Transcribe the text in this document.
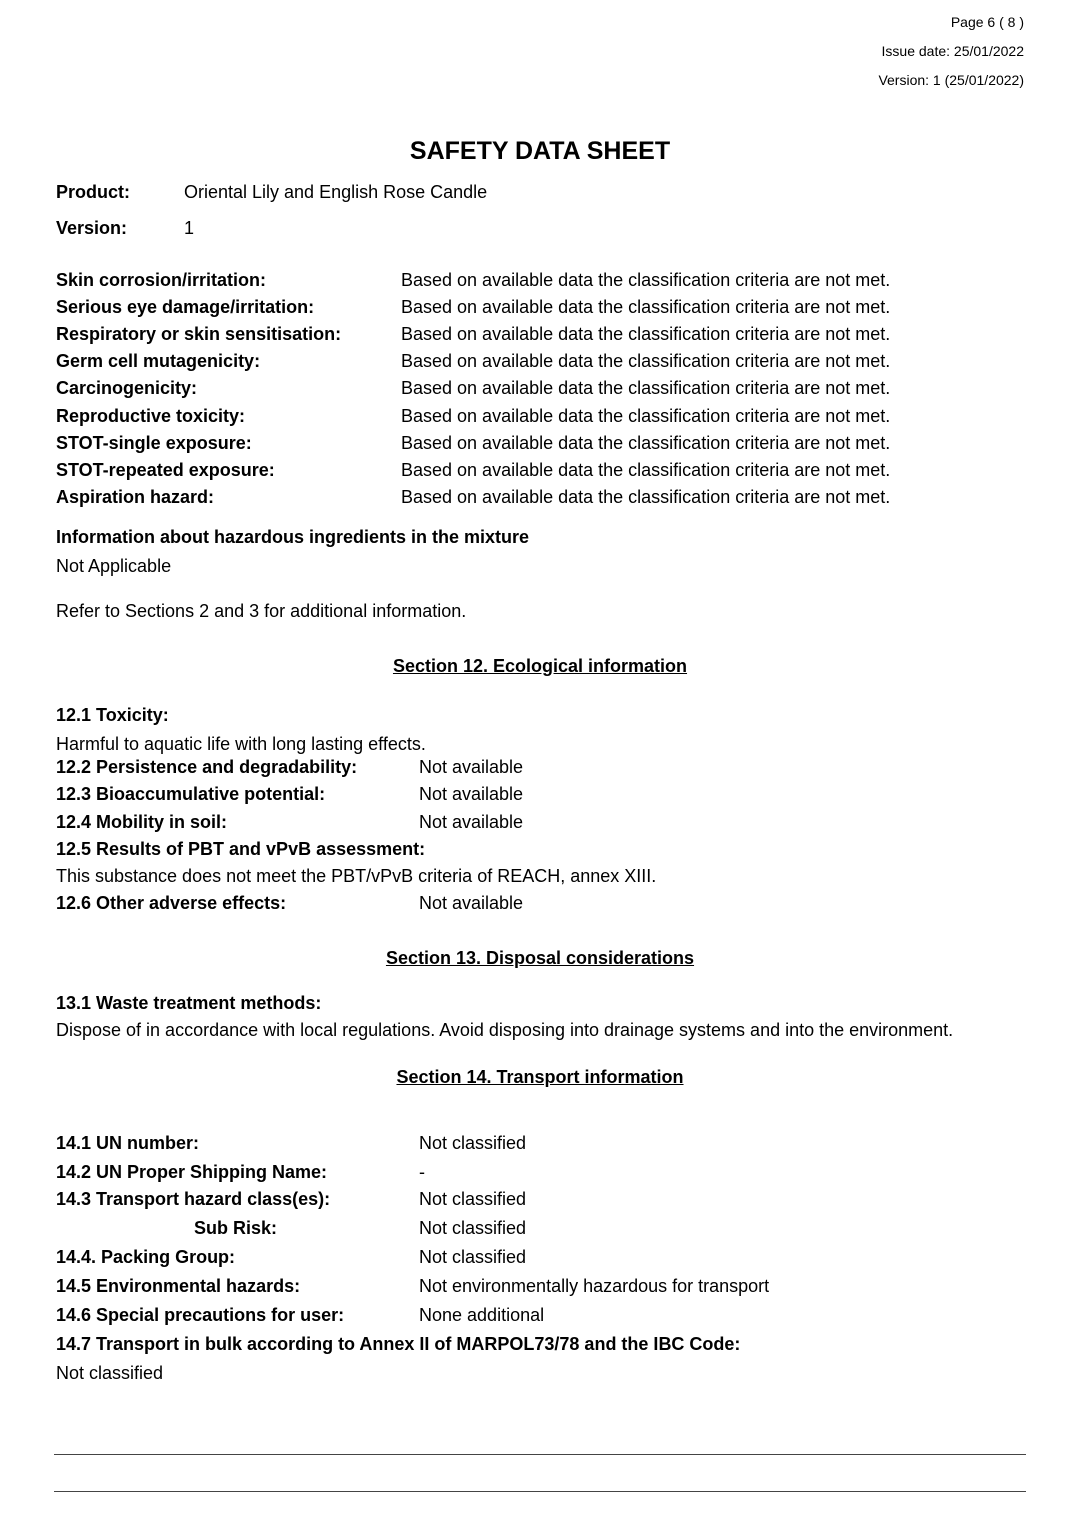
Page 6 ( 8 )
Issue date: 25/01/2022
Version: 1 (25/01/2022)
SAFETY DATA SHEET
Product:	Oriental Lily and English Rose Candle
Version:	1
Skin corrosion/irritation:	Based on available data the classification criteria are not met.
Serious eye damage/irritation:	Based on available data the classification criteria are not met.
Respiratory or skin sensitisation:	Based on available data the classification criteria are not met.
Germ cell mutagenicity:	Based on available data the classification criteria are not met.
Carcinogenicity:	Based on available data the classification criteria are not met.
Reproductive toxicity:	Based on available data the classification criteria are not met.
STOT-single exposure:	Based on available data the classification criteria are not met.
STOT-repeated exposure:	Based on available data the classification criteria are not met.
Aspiration hazard:	Based on available data the classification criteria are not met.
Information about hazardous ingredients in the mixture
Not Applicable
Refer to Sections 2 and 3 for additional information.
Section 12. Ecological information
12.1 Toxicity:
Harmful to aquatic life with long lasting effects.
12.2 Persistence and degradability:	Not available
12.3 Bioaccumulative potential:	Not available
12.4 Mobility in soil:	Not available
12.5 Results of PBT and vPvB assessment:
This substance does not meet the PBT/vPvB criteria of REACH, annex XIII.
12.6 Other adverse effects:	Not available
Section 13. Disposal considerations
13.1 Waste treatment methods:
Dispose of in accordance with local regulations. Avoid disposing into drainage systems and into the environment.
Section 14. Transport information
14.1 UN number:	Not classified
14.2 UN Proper Shipping Name:	-
14.3 Transport hazard class(es):	Not classified
Sub Risk:	Not classified
14.4. Packing Group:	Not classified
14.5 Environmental hazards:	Not environmentally hazardous for transport
14.6 Special precautions for user:	None additional
14.7 Transport in bulk according to Annex II of MARPOL73/78 and the IBC Code:
Not classified
